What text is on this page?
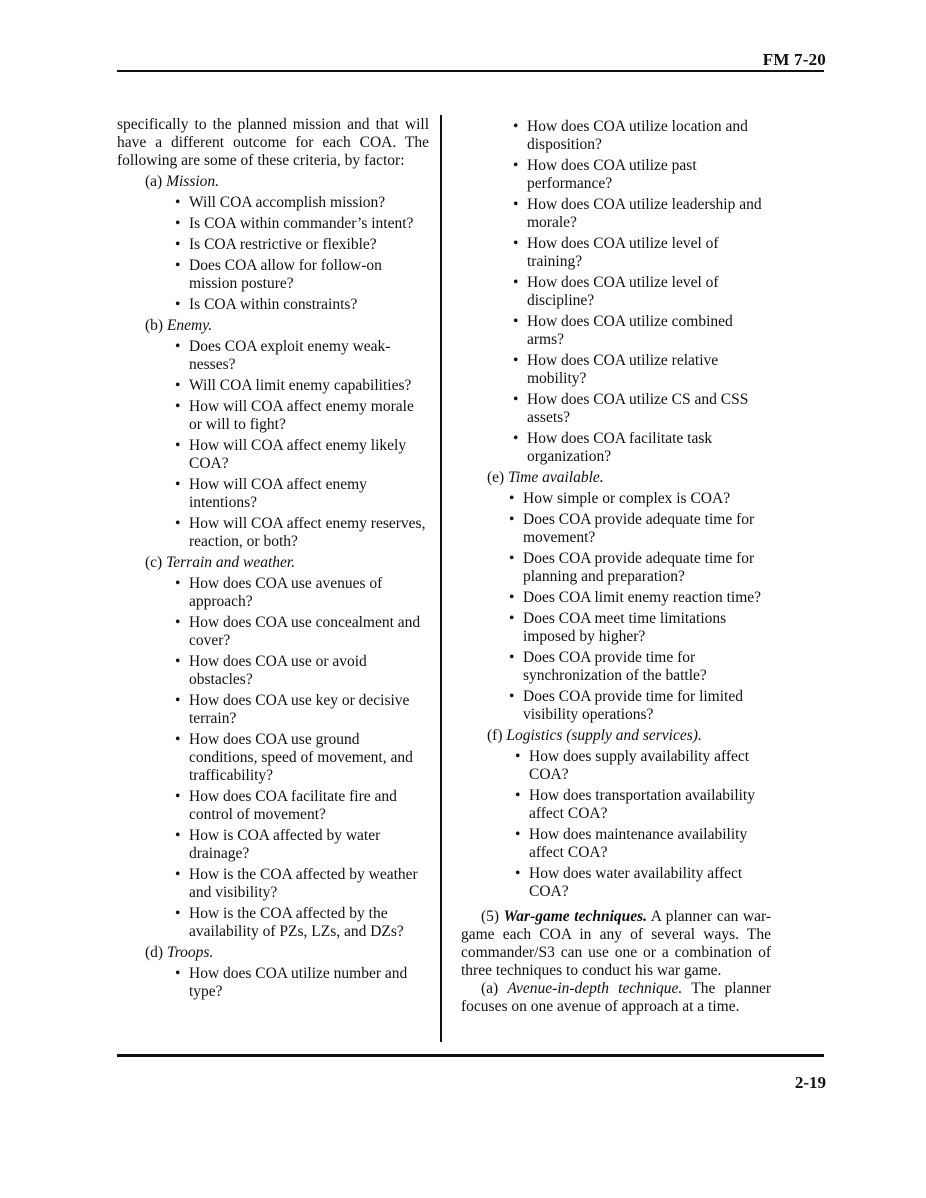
FM 7-20

specifically to the planned mission and that will have a different outcome for each COA. The following are some of these criteria, by factor:

(a) Mission.
• Will COA accomplish mission?
• Is COA within commander’s intent?
• Is COA restrictive or flexible?
• Does COA allow for follow-on mission posture?
• Is COA within constraints?
(b) Enemy.
• Does COA exploit enemy weak-nesses?
• Will COA limit enemy capabilities?
• How will COA affect enemy morale or will to fight?
• How will COA affect enemy likely COA?
• How will COA affect enemy intentions?
• How will COA affect enemy reserves, reaction, or both?
(c) Terrain and weather.
• How does COA use avenues of approach?
• How does COA use concealment and cover?
• How does COA use or avoid obstacles?
• How does COA use key or decisive terrain?
• How does COA use ground conditions, speed of movement, and trafficability?
• How does COA facilitate fire and control of movement?
• How is COA affected by water drainage?
• How is the COA affected by weather and visibility?
• How is the COA affected by the availability of PZs, LZs, and DZs?
(d) Troops.
• How does COA utilize number and type?
• How does COA utilize location and disposition?
• How does COA utilize past performance?
• How does COA utilize leadership and morale?
• How does COA utilize level of training?
• How does COA utilize level of discipline?
• How does COA utilize combined arms?
• How does COA utilize relative mobility?
• How does COA utilize CS and CSS assets?
• How does COA facilitate task organization?
(e) Time available.
• How simple or complex is COA?
• Does COA provide adequate time for movement?
• Does COA provide adequate time for planning and preparation?
• Does COA limit enemy reaction time?
• Does COA meet time limitations imposed by higher?
• Does COA provide time for synchronization of the battle?
• Does COA provide time for limited visibility operations?
(f) Logistics (supply and services).
• How does supply availability affect COA?
• How does transportation availability affect COA?
• How does maintenance availability affect COA?
• How does water availability affect COA?

(5) War-game techniques. A planner can war-game each COA in any of several ways. The commander/S3 can use one or a combination of three techniques to conduct his war game.

(a) Avenue-in-depth technique. The planner focuses on one avenue of approach at a time.

2-19
